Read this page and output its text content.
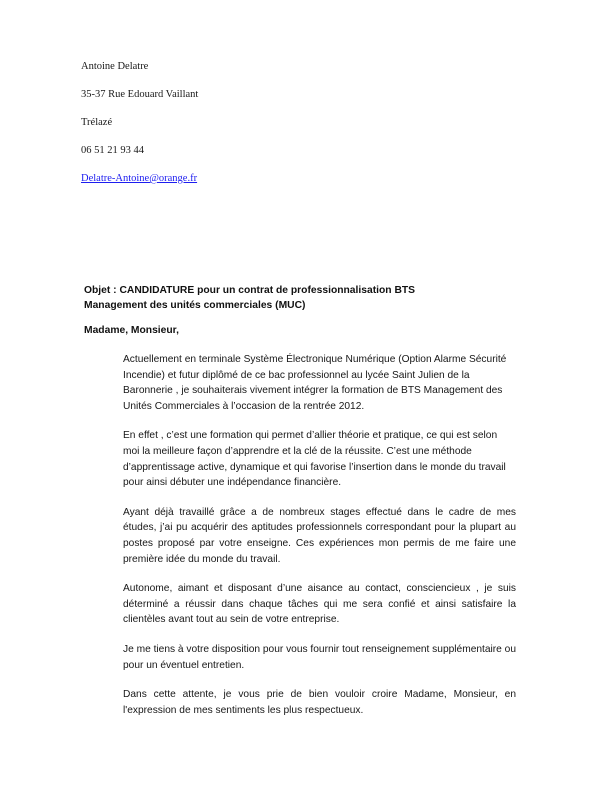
Antoine Delatre
35-37 Rue Edouard Vaillant
Trélazé
06 51 21 93 44
Delatre-Antoine@orange.fr
Objet : CANDIDATURE pour un contrat de professionnalisation BTS
Management des unités commerciales (MUC)
Madame, Monsieur,

Actuellement en terminale Système Électronique Numérique (Option Alarme Sécurité Incendie) et futur diplômé de ce bac professionnel au lycée Saint Julien de la Baronnerie , je souhaiterais vivement intégrer la formation de BTS Management des Unités Commerciales à l’occasion de la rentrée 2012.

En effet , c’est une formation qui permet d’allier théorie et pratique, ce qui est selon moi la meilleure façon d’apprendre et la clé de la réussite. C’est une méthode d’apprentissage active, dynamique et qui favorise l’insertion dans le monde du travail pour ainsi débuter une indépendance financière.

Ayant déjà travaillé grâce a de nombreux stages effectué dans le cadre de mes études, j’ai pu acquérir des aptitudes professionnels correspondant pour la plupart au postes proposé par votre enseigne. Ces expériences mon permis de me faire une première idée du monde du travail.

Autonome, aimant et disposant d’une aisance au contact, consciencieux , je suis déterminé a réussir dans chaque tâches qui me sera confié et ainsi satisfaire la clientèles avant tout au sein de votre entreprise.

Je me tiens à votre disposition pour vous fournir tout renseignement supplémentaire ou pour un éventuel entretien.

Dans cette attente, je vous prie de bien vouloir croire Madame, Monsieur, en l'expression de mes sentiments les plus respectueux.
